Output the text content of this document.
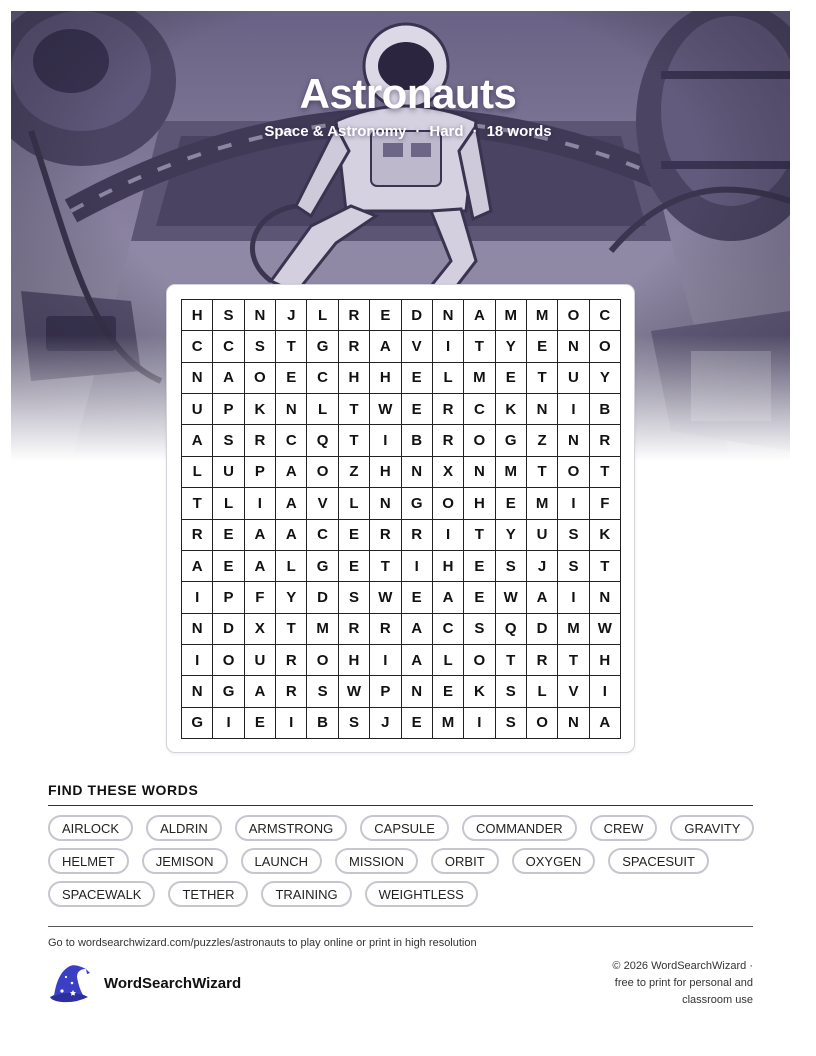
Astronauts
Space & Astronomy · Hard · 18 words
H	S	N	J	L	R	E	D	N	A	M	M	O	C
C	C	S	T	G	R	A	V	I	T	Y	E	N	O
N	A	O	E	C	H	H	E	L	M	E	T	U	Y
U	P	K	N	L	T	W	E	R	C	K	N	I	B
A	S	R	C	Q	T	I	B	R	O	G	Z	N	R
L	U	P	A	O	Z	H	N	X	N	M	T	O	T
T	L	I	A	V	L	N	G	O	H	E	M	I	F
R	E	A	A	C	E	R	R	I	T	Y	U	S	K
A	E	A	L	G	E	T	I	H	E	S	J	S	T
I	P	F	Y	D	S	W	E	A	E	W	A	I	N
N	D	X	T	M	R	R	A	C	S	Q	D	M	W
I	O	U	R	O	H	I	A	L	O	T	R	T	H
N	G	A	R	S	W	P	N	E	K	S	L	V	I
G	I	E	I	B	S	J	E	M	I	S	O	N	A
FIND THESE WORDS
AIRLOCK	ALDRIN	ARMSTRONG	CAPSULE	COMMANDER	CREW	GRAVITY
HELMET	JEMISON	LAUNCH	MISSION	ORBIT	OXYGEN	SPACESUIT
SPACEWALK	TETHER	TRAINING	WEIGHTLESS
Go to wordsearchwizard.com/puzzles/astronauts to play online or print in high resolution
WordSearchWizard
© 2026 WordSearchWizard ·
free to print for personal and
classroom use
